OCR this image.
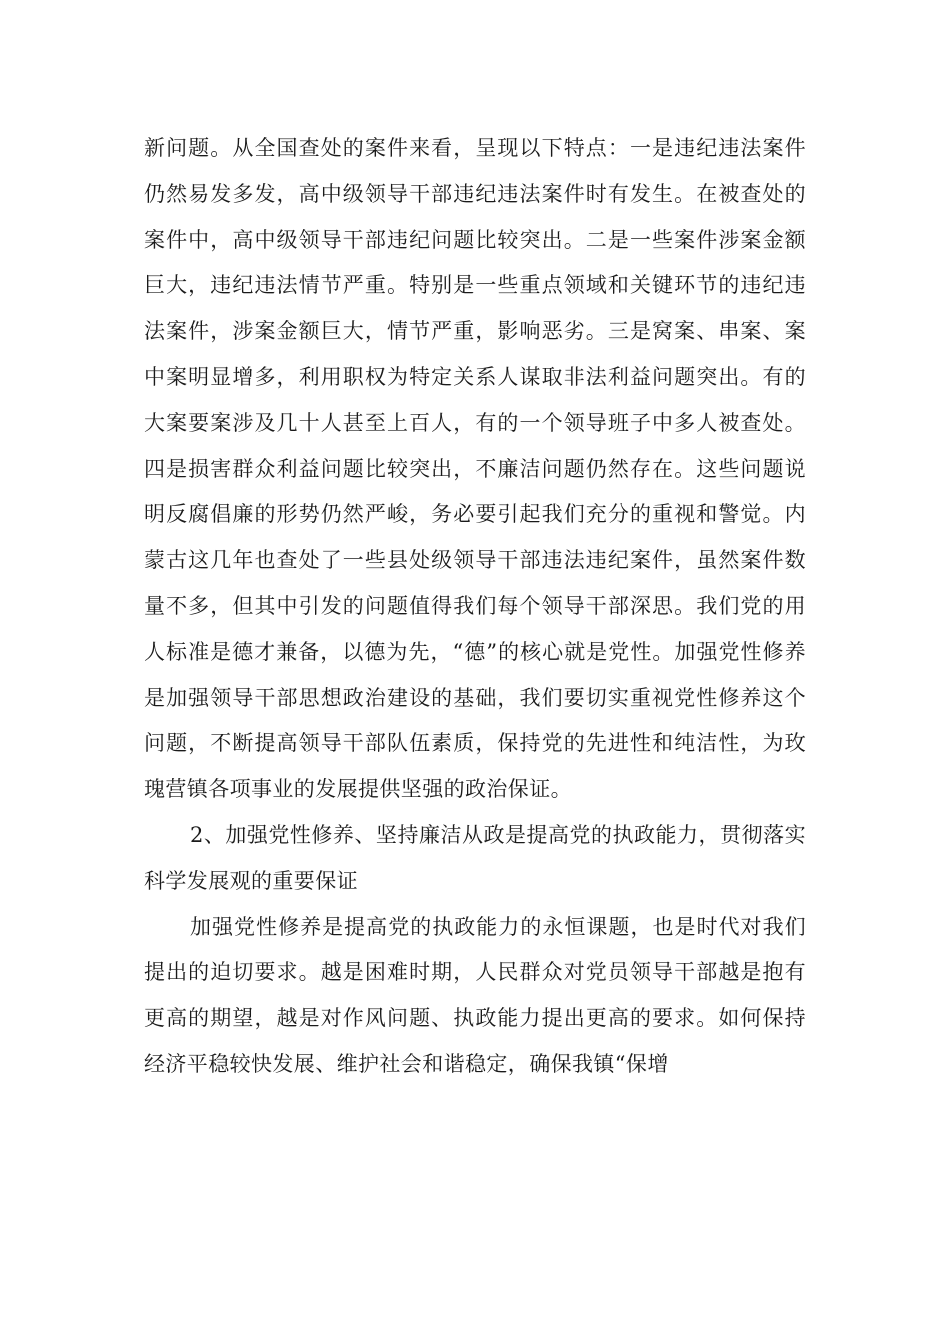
新问题。从全国查处的案件来看，呈现以下特点：一是违纪违法案件仍然易发多发，高中级领导干部违纪违法案件时有发生。在被查处的案件中，高中级领导干部违纪问题比较突出。二是一些案件涉案金额巨大，违纪违法情节严重。特别是一些重点领域和关键环节的违纪违法案件，涉案金额巨大，情节严重，影响恶劣。三是窝案、串案、案中案明显增多，利用职权为特定关系人谋取非法利益问题突出。有的大案要案涉及几十人甚至上百人，有的一个领导班子中多人被查处。四是损害群众利益问题比较突出，不廉洁问题仍然存在。这些问题说明反腐倡廉的形势仍然严峻，务必要引起我们充分的重视和警觉。内蒙古这几年也查处了一些县处级领导干部违法违纪案件，虽然案件数量不多，但其中引发的问题值得我们每个领导干部深思。我们党的用人标准是德才兼备，以德为先，“德”的核心就是党性。加强党性修养是加强领导干部思想政治建设的基础，我们要切实重视党性修养这个问题，不断提高领导干部队伍素质，保持党的先进性和纯洁性，为玫瑰营镇各项事业的发展提供坚强的政治保证。

2、加强党性修养、坚持廉洁从政是提高党的执政能力，贯彻落实科学发展观的重要保证

加强党性修养是提高党的执政能力的永恒课题，也是时代对我们提出的迫切要求。越是困难时期，人民群众对党员领导干部越是抱有更高的期望，越是对作风问题、执政能力提出更高的要求。如何保持经济平稳较快发展、维护社会和谐稳定，确保我镇“保增
